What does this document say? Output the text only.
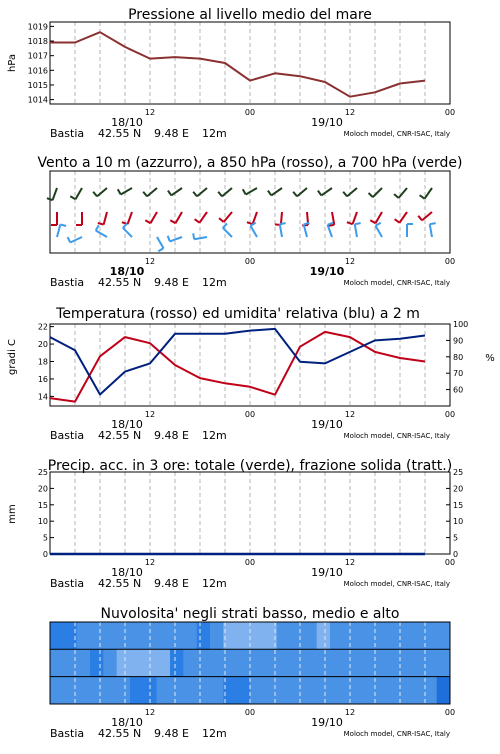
Pressione al livello medio del mare
hPa
1014
1015
1016
1017
1018
1019
12	00	12	00
18/10	19/10
Bastia 42.55 N 9.48 E 12m	Moloch model, CNR-ISAC, Italy
Vento a 10 m (azzurro), a 850 hPa (rosso), a 700 hPa (verde)
12	00	12	00
18/10	19/10
Bastia 42.55 N 9.48 E 12m	Moloch model, CNR-ISAC, Italy
Temperatura (rosso) ed umidita' relativa (blu) a 2 m
gradi C	%
14
16
18
20
22
60
70
80
90
100
12	00	12	00
18/10	19/10
Bastia 42.55 N 9.48 E 12m	Moloch model, CNR-ISAC, Italy
Precip. acc. in 3 ore: totale (verde), frazione solida (tratt.)
mm
0
5
10
15
20
25
0
5
10
15
20
25
12	00	12	00
18/10	19/10
Bastia 42.55 N 9.48 E 12m	Moloch model, CNR-ISAC, Italy
Nuvolosita' negli strati basso, medio e alto
12	00	12	00
18/10	19/10
Bastia 42.55 N 9.48 E 12m	Moloch model, CNR-ISAC, Italy
